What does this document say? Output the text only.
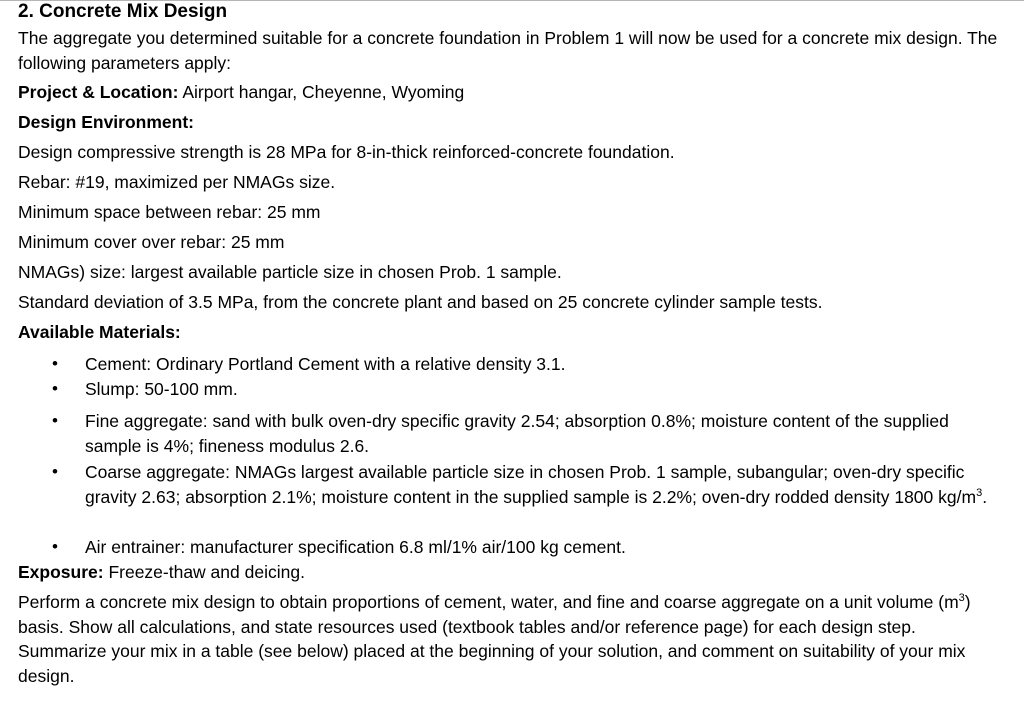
2. Concrete Mix Design
The aggregate you determined suitable for a concrete foundation in Problem 1 will now be used for a concrete mix design. The following parameters apply:
Project & Location: Airport hangar, Cheyenne, Wyoming
Design Environment:
Design compressive strength is 28 MPa for 8-in-thick reinforced-concrete foundation.
Rebar: #19, maximized per NMAGs size.
Minimum space between rebar: 25 mm
Minimum cover over rebar: 25 mm
NMAGs) size: largest available particle size in chosen Prob. 1 sample.
Standard deviation of 3.5 MPa, from the concrete plant and based on 25 concrete cylinder sample tests.
Available Materials:
• Cement: Ordinary Portland Cement with a relative density 3.1.
• Slump: 50-100 mm.
• Fine aggregate: sand with bulk oven-dry specific gravity 2.54; absorption 0.8%; moisture content of the supplied sample is 4%; fineness modulus 2.6.
• Coarse aggregate: NMAGs largest available particle size in chosen Prob. 1 sample, subangular; oven-dry specific gravity 2.63; absorption 2.1%; moisture content in the supplied sample is 2.2%; oven-dry rodded density 1800 $kg/m^3$.
• Air entrainer: manufacturer specification 6.8 ml/1% air/100 kg cement.
Exposure: Freeze-thaw and deicing.
Perform a concrete mix design to obtain proportions of cement, water, and fine and coarse aggregate on a unit volume $(m^3)$ basis. Show all calculations, and state resources used (textbook tables and/or reference page) for each design step. Summarize your mix in a table (see below) placed at the beginning of your solution, and comment on suitability of your mix design.
